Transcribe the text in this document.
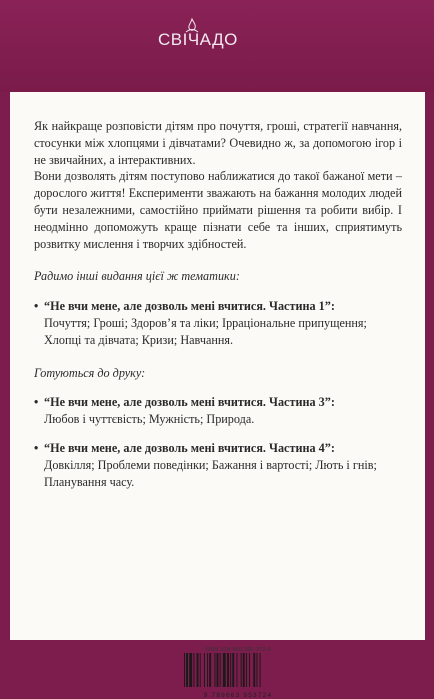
СВІЧАДО

Як найкраще розповісти дітям про почуття, гроші, стратегії навчання, стосунки між хлопцями і дівчатами? Очевидно ж, за допомогою ігор і не звичайних, а інтерактивних.

Вони дозволять дітям поступово наближатися до такої бажаної мети – дорослого життя! Експерименти зважають на бажання молодих людей бути незалежними, самостійно приймати рішення та робити вибір. І неодмінно допоможуть краще пізнати себе та інших, сприятимуть розвитку мислення і творчих здібностей.

Радимо інші видання цієї ж тематики:
• “Не вчи мене, але дозволь мені вчитися. Частина 1”:
Почуття; Гроші; Здоров’я та ліки; Ірраціональне припущення; Хлопці та дівчата; Кризи; Навчання.
Готуються до друку:
• “Не вчи мене, але дозволь мені вчитися. Частина 3”:
Любов і чуттєвість; Мужність; Природа.
• “Не вчи мене, але дозволь мені вчитися. Частина 4”:
Довкілля; Проблеми поведінки; Бажання і вартості; Лють і гнів; Планування часу.
ISBN 978-966-395-372-4
9 789663 953724
